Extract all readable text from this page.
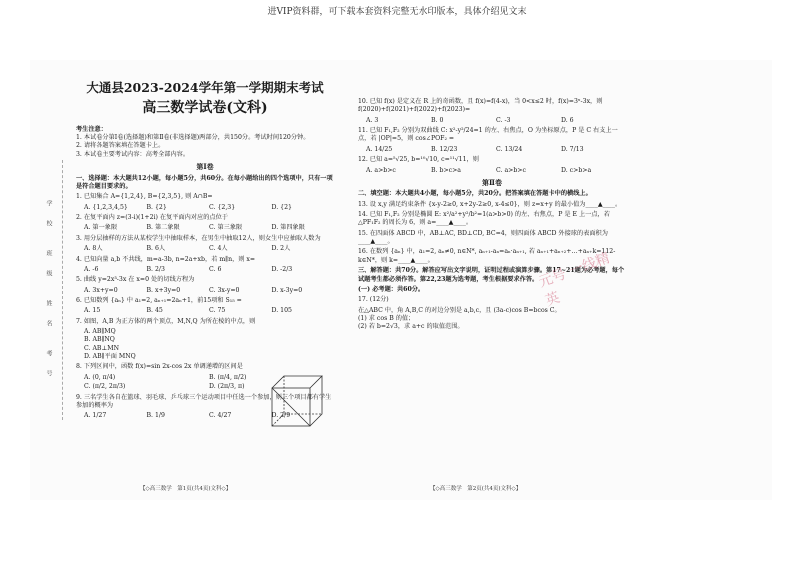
进VIP资料群，可下载本套资料完整无水印版本，具体介绍见文末
学
校
班
级
姓
名
考
号
大通县2023-2024学年第一学期期末考试
高三数学试卷(文科)
考生注意：
1. 本试卷分第Ⅰ卷(选择题)和第Ⅱ卷(非选择题)两部分，共150分。考试时间120分钟。
2. 请将各题答案填在答题卡上。
3. 本试卷主要考试内容：高考全部内容。
第Ⅰ卷
一、选择题：本大题共12小题，每小题5分，共60分。在每小题给出的四个选项中，只有一项是符合题目要求的。
1. 已知集合 A={1,2,4}, B={2,3,5}, 则 A∩B=
A. {1,2,3,4,5}	B. {2}	C. {2,3}	D. {2}
2. 在复平面内 z=(3-i)(1+2i) 在复平面内对应的点位于
A. 第一象限	B. 第二象限	C. 第三象限	D. 第四象限
3. 用分层抽样的方法从某校学生中抽取样本，在男生中抽取12人，则女生中应抽取人数为
A. 8人	B. 6人	C. 4人	D. 2人
4. 已知向量 a,b 不共线，m=a-3b, n=2a+xb，若 m∥n，则 x=
A. -6	B. 2/3	C. 6	D. -2/3
5. 曲线 y=2x³-3x 在 x=0 处的切线方程为
A. 3x+y=0	B. x+3y=0	C. 3x-y=0	D. x-3y=0
6. 已知数列 {aₙ} 中 a₁=2, aₙ₊₁=2aₙ+1，前15项和 S₁₅ =
A. 15	B. 45	C. 75	D. 105
7. 如图，A,B 为正方体的两个顶点，M,N,Q 为所在棱的中点，则
A. AB∥MQ
B. AB∥NQ
C. AB⊥MN
D. AB∥平面 MNQ
8. 下列区间中，函数 f(x)=sin 2x-cos 2x 单调递增的区间是
A. (0, π/4)	B. (π/4, π/2)
C. (π/2, 2π/3)	D. (2π/3, π)
9. 三名学生各自在篮球、羽毛球、乒乓球三个运动项目中任选一个参加，则三个项目都有学生参加的概率为
A. 1/27	B. 1/9	C. 4/27	D. 2/9
【◇高三数学　第1页(共4页)文科◇】
10. 已知 f(x) 是定义在 R 上的奇函数，且 f(x)=f(4-x)，当 0<x≤2 时，f(x)=3ˣ-3x，则 f(2020)+f(2021)+f(2022)+f(2023)=
A. 3	B. 0	C. -3	D. 6
11. 已知 F₁,F₂ 分别为双曲线 C: x²-y²/24=1 的左、右焦点，O 为坐标原点，P 是 C 右支上一点，若 |OP|=5，则 cos∠POF₂ =
A. 14/25	B. 12/23	C. 13/24	D. 7/13
12. 已知 a=⁵√25, b=¹⁰√10, c=¹¹√11，则
A. a>b>c	B. b>c>a	C. a>b>c	D. c>b>a
第Ⅱ卷
二、填空题：本大题共4小题，每小题5分，共20分。把答案填在答题卡中的横线上。
13. 设 x,y 满足约束条件 {x-y-2≥0, x+2y-2≥0, x-4≤0}，则 z=x+y 的最小值为____▲____。
14. 已知 F₁,F₂ 分别是椭圆 E: x²/a²+y²/b²=1(a>b>0) 的左、右焦点，P 是 E 上一点，若△PF₁F₂ 的周长为 6，则 a=____▲____。
15. 在四面体 ABCD 中，AB⊥AC, BD⊥CD, BC=4，则四面体 ABCD 外接球的表面积为____▲____。
16. 在数列 {aₙ} 中，a₁=2, aₙ≠0, n∈N*, aₙ₊₁-aₙ=aₙ·aₙ₊₁, 若 aₙ₊₁+aₙ₊₂+…+aₙ₊k=112-k∈N*，则 k=____▲____。
三、解答题：共70分。解答应写出文字说明，证明过程或演算步骤。第17~21题为必考题，每个试题考生都必须作答。第22,23题为选考题，考生根据要求作答。
(一) 必考题：共60分。
17. (12分)
在△ABC 中，角 A,B,C 的对边分别是 a,b,c，且 (3a-c)cos B=bcos C。
(1) 求 cos B 的值；
(2) 若 b=2√3，求 a+c 的取值范围。
元号 一线精英
【◇高三数学　第2页(共4页)文科◇】
